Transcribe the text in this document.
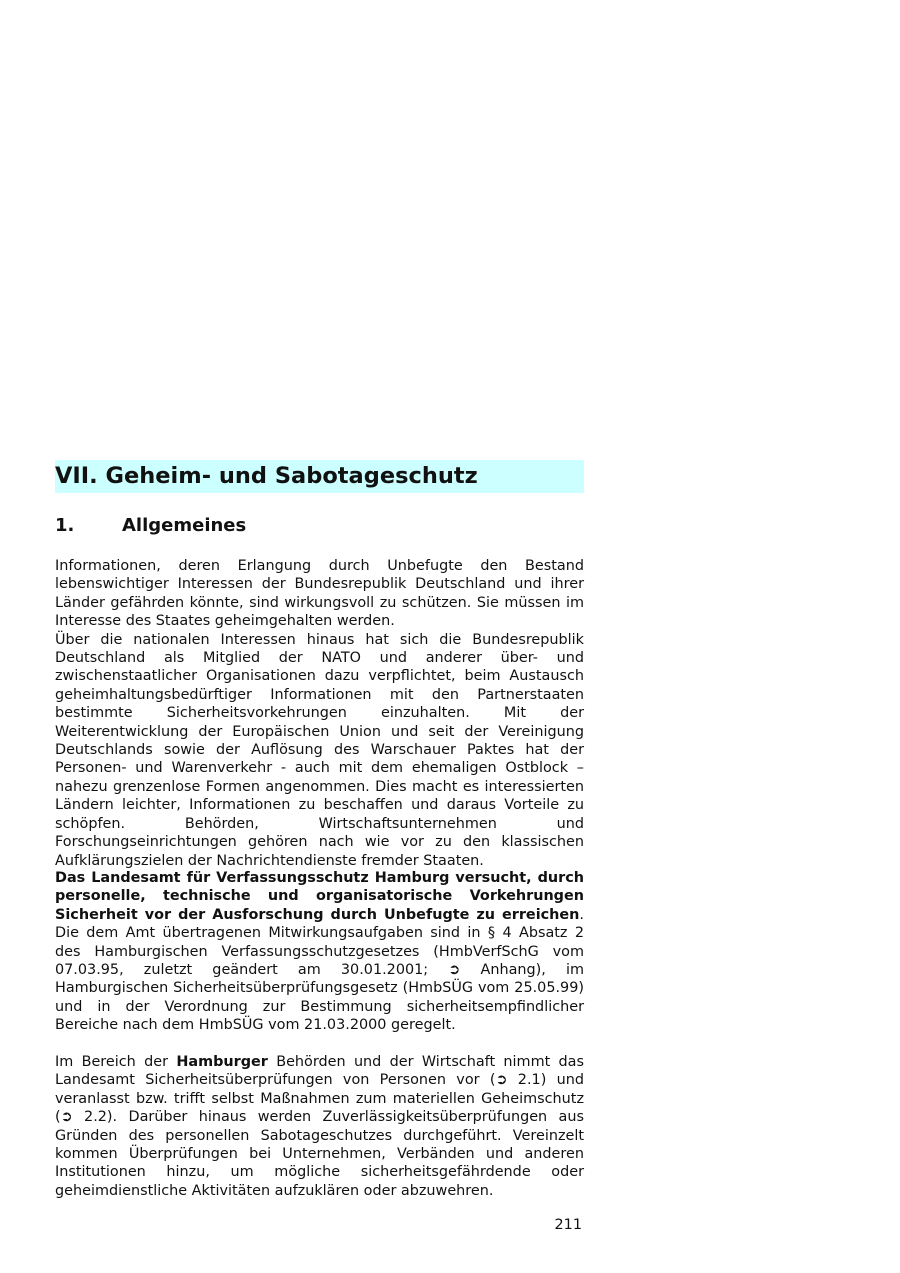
VII. Geheim- und Sabotageschutz
1.	Allgemeines

Informationen, deren Erlangung durch Unbefugte den Bestand lebenswichtiger Interessen der Bundesrepublik Deutschland und ihrer Länder gefährden könnte, sind wirkungsvoll zu schützen. Sie müssen im Interesse des Staates geheimgehalten werden.

Über die nationalen Interessen hinaus hat sich die Bundesrepublik Deutschland als Mitglied der NATO und anderer über- und zwischenstaatlicher Organisationen dazu verpflichtet, beim Austausch geheimhaltungsbedürftiger Informationen mit den Partnerstaaten bestimmte Sicherheitsvorkehrungen einzuhalten. Mit der Weiterentwicklung der Europäischen Union und seit der Vereinigung Deutschlands sowie der Auflösung des Warschauer Paktes hat der Personen- und Warenverkehr - auch mit dem ehemaligen Ostblock – nahezu grenzenlose Formen angenommen. Dies macht es interessierten Ländern leichter, Informationen zu beschaffen und daraus Vorteile zu schöpfen. Behörden, Wirtschaftsunternehmen und Forschungseinrichtungen gehören nach wie vor zu den klassischen Aufklärungszielen der Nachrichtendienste fremder Staaten.

Das Landesamt für Verfassungsschutz Hamburg versucht, durch personelle, technische und organisatorische Vorkehrungen Sicherheit vor der Ausforschung durch Unbefugte zu erreichen. Die dem Amt übertragenen Mitwirkungsaufgaben sind in § 4 Absatz 2 des Hamburgischen Verfassungsschutzgesetzes (HmbVerfSchG vom 07.03.95, zuletzt geändert am 30.01.2001; ➲ Anhang), im Hamburgischen Sicherheitsüberprüfungsgesetz (HmbSÜG vom 25.05.99) und in der Verordnung zur Bestimmung sicherheitsempfindlicher Bereiche nach dem HmbSÜG vom 21.03.2000 geregelt.

Im Bereich der Hamburger Behörden und der Wirtschaft nimmt das Landesamt Sicherheitsüberprüfungen von Personen vor (➲ 2.1) und veranlasst bzw. trifft selbst Maßnahmen zum materiellen Geheimschutz (➲ 2.2). Darüber hinaus werden Zuverlässigkeitsüberprüfungen aus Gründen des personellen Sabotageschutzes durchgeführt. Vereinzelt kommen Überprüfungen bei Unternehmen, Verbänden und anderen Institutionen hinzu, um mögliche sicherheitsgefährdende oder geheimdienstliche Aktivitäten aufzuklären oder abzuwehren.

211
